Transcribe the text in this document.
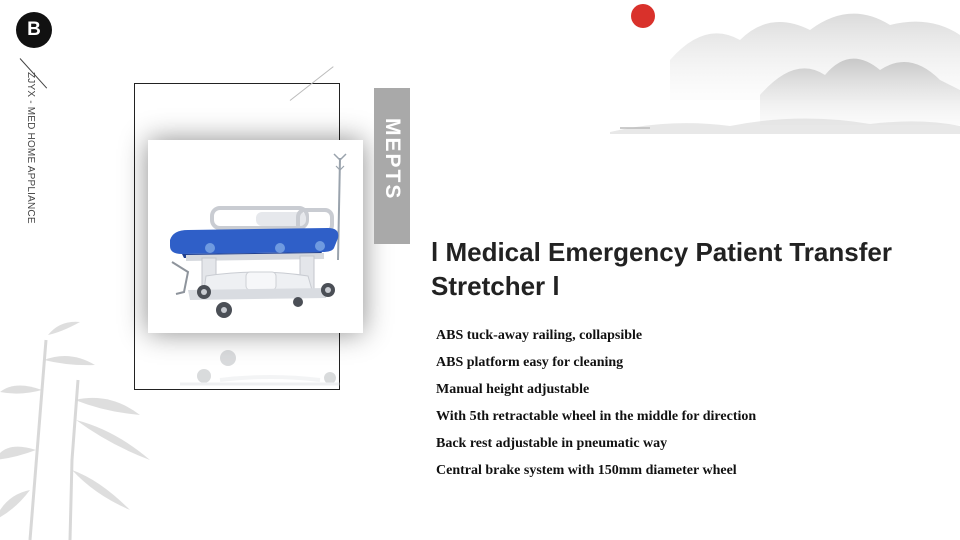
B
ZJYX - MED HOME APPLIANCE	MEPTS
l Medical Emergency Patient Transfer
Stretcher l
ABS tuck-away railing, collapsible
ABS platform easy for cleaning
Manual height adjustable
With 5th retractable wheel in the middle for direction
Back rest adjustable in pneumatic way
Central brake system with 150mm diameter wheel
